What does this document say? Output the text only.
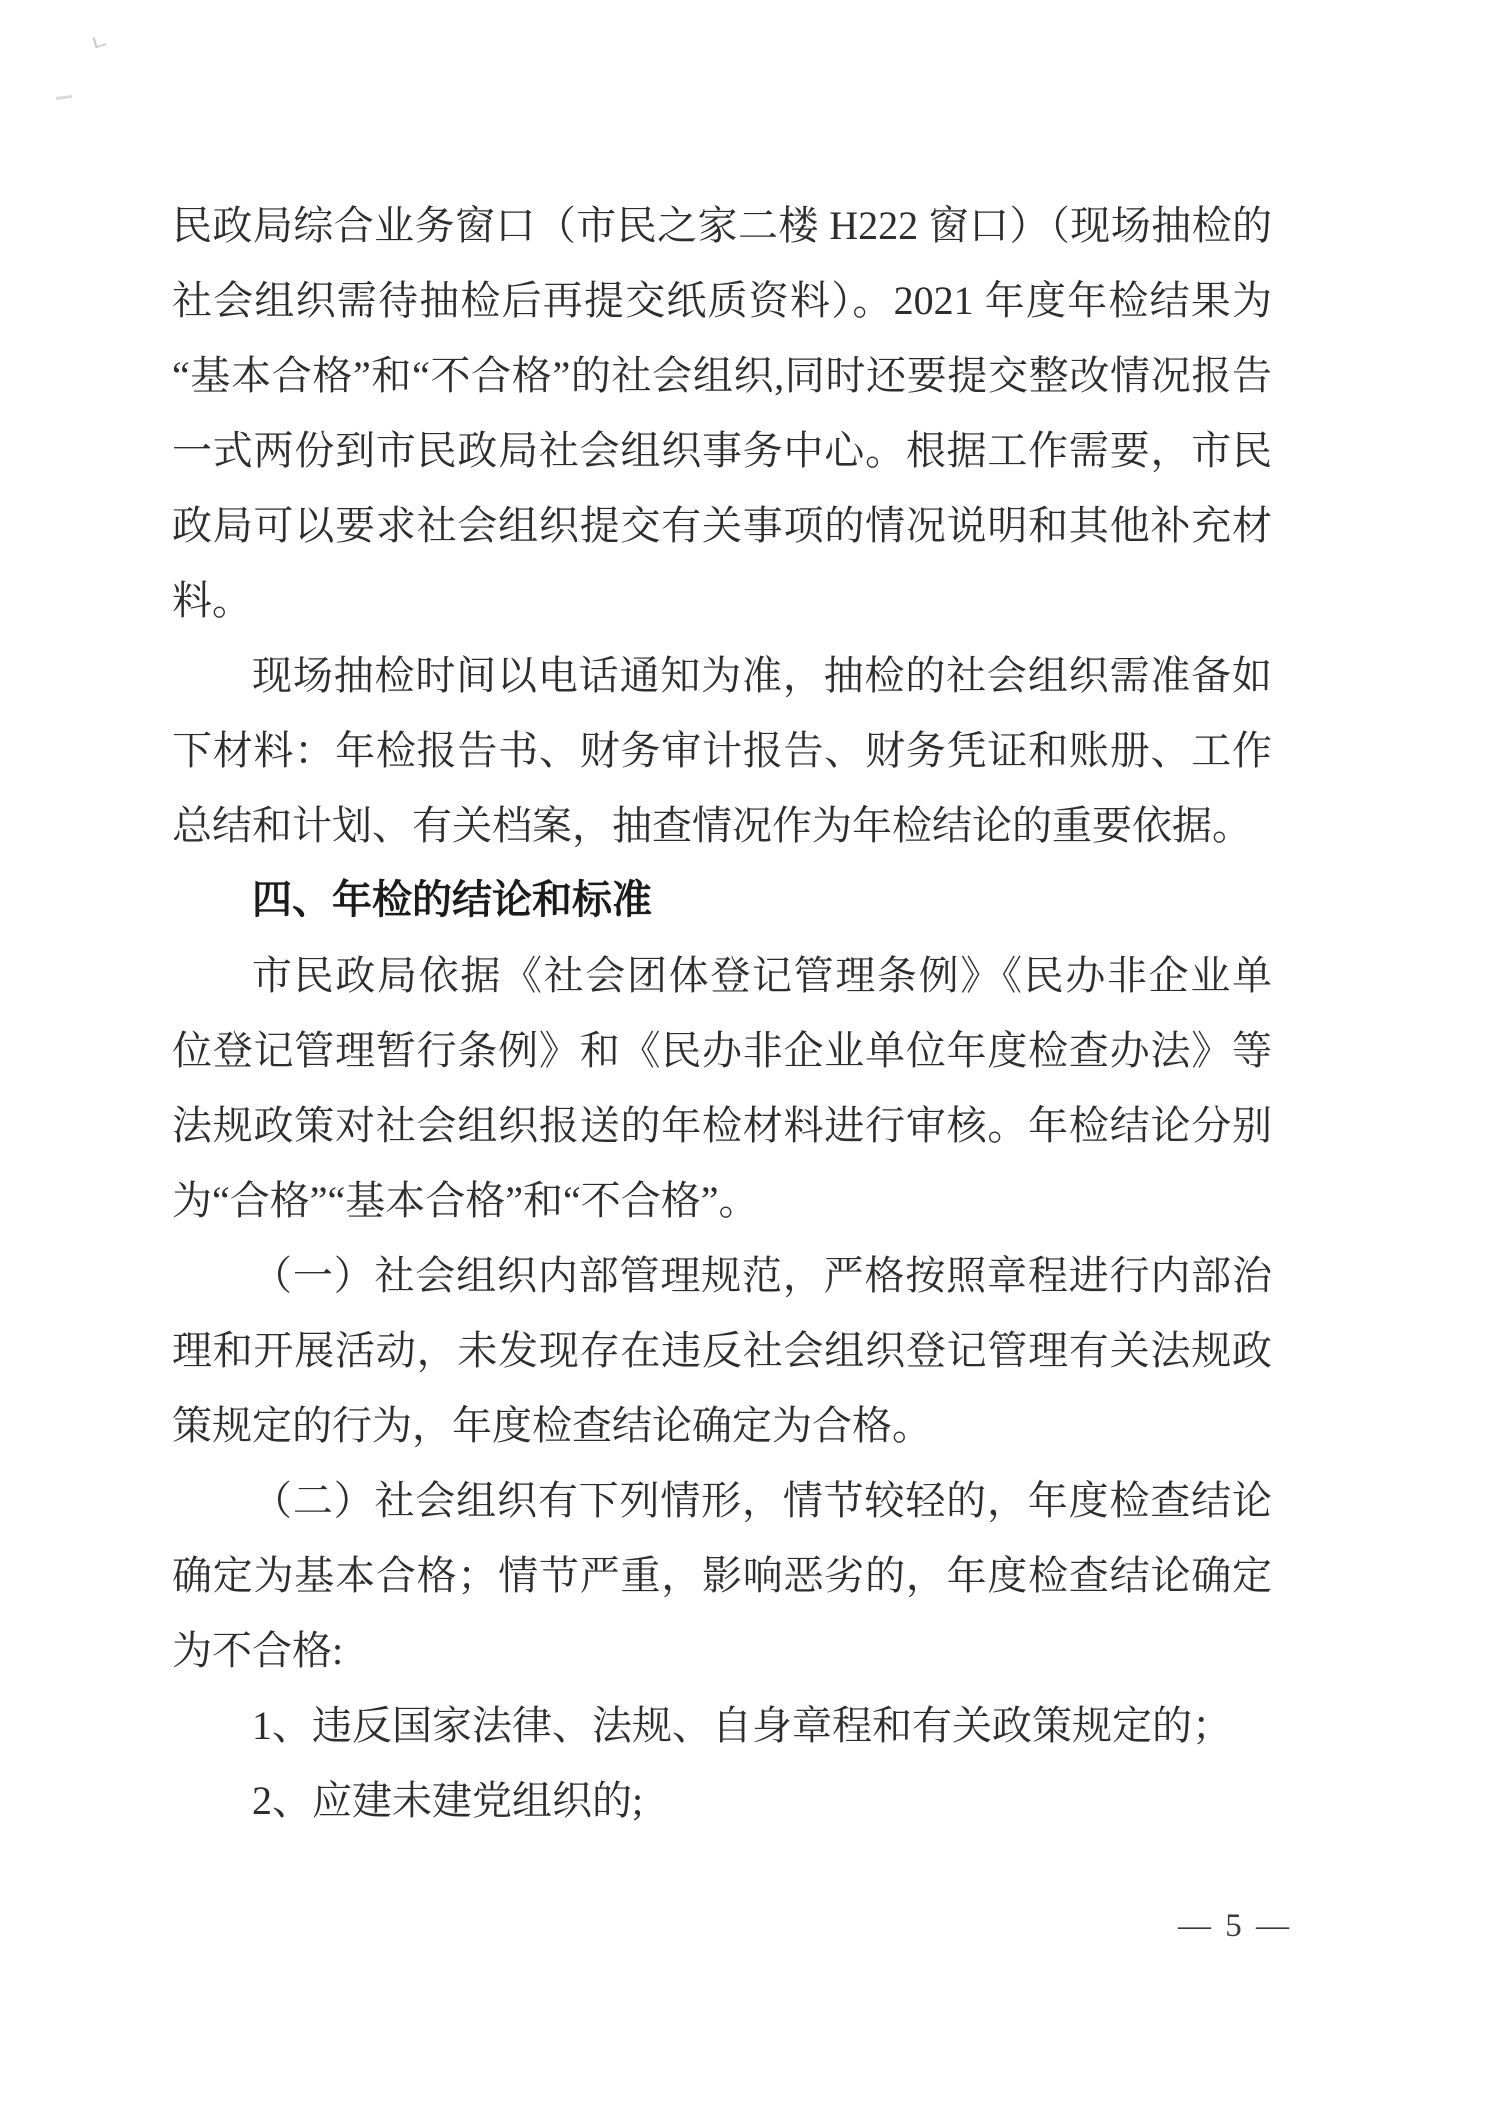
民政局综合业务窗口（市民之家二楼 H222 窗口）（现场抽检的
社会组织需待抽检后再提交纸质资料）。2021 年度年检结果为
“基本合格”和“不合格”的社会组织,同时还要提交整改情况报告
一式两份到市民政局社会组织事务中心。根据工作需要，市民
政局可以要求社会组织提交有关事项的情况说明和其他补充材
料。
现场抽检时间以电话通知为准，抽检的社会组织需准备如
下材料：年检报告书、财务审计报告、财务凭证和账册、工作
总结和计划、有关档案，抽查情况作为年检结论的重要依据。
四、年检的结论和标准
市民政局依据《社会团体登记管理条例》《民办非企业单
位登记管理暂行条例》和《民办非企业单位年度检查办法》等
法规政策对社会组织报送的年检材料进行审核。年检结论分别
为“合格”“基本合格”和“不合格”。
（一）社会组织内部管理规范，严格按照章程进行内部治
理和开展活动，未发现存在违反社会组织登记管理有关法规政
策规定的行为，年度检查结论确定为合格。
（二）社会组织有下列情形，情节较轻的，年度检查结论
确定为基本合格；情节严重，影响恶劣的，年度检查结论确定
为不合格:
1、违反国家法律、法规、自身章程和有关政策规定的；
2、应建未建党组织的;
— 5 —
